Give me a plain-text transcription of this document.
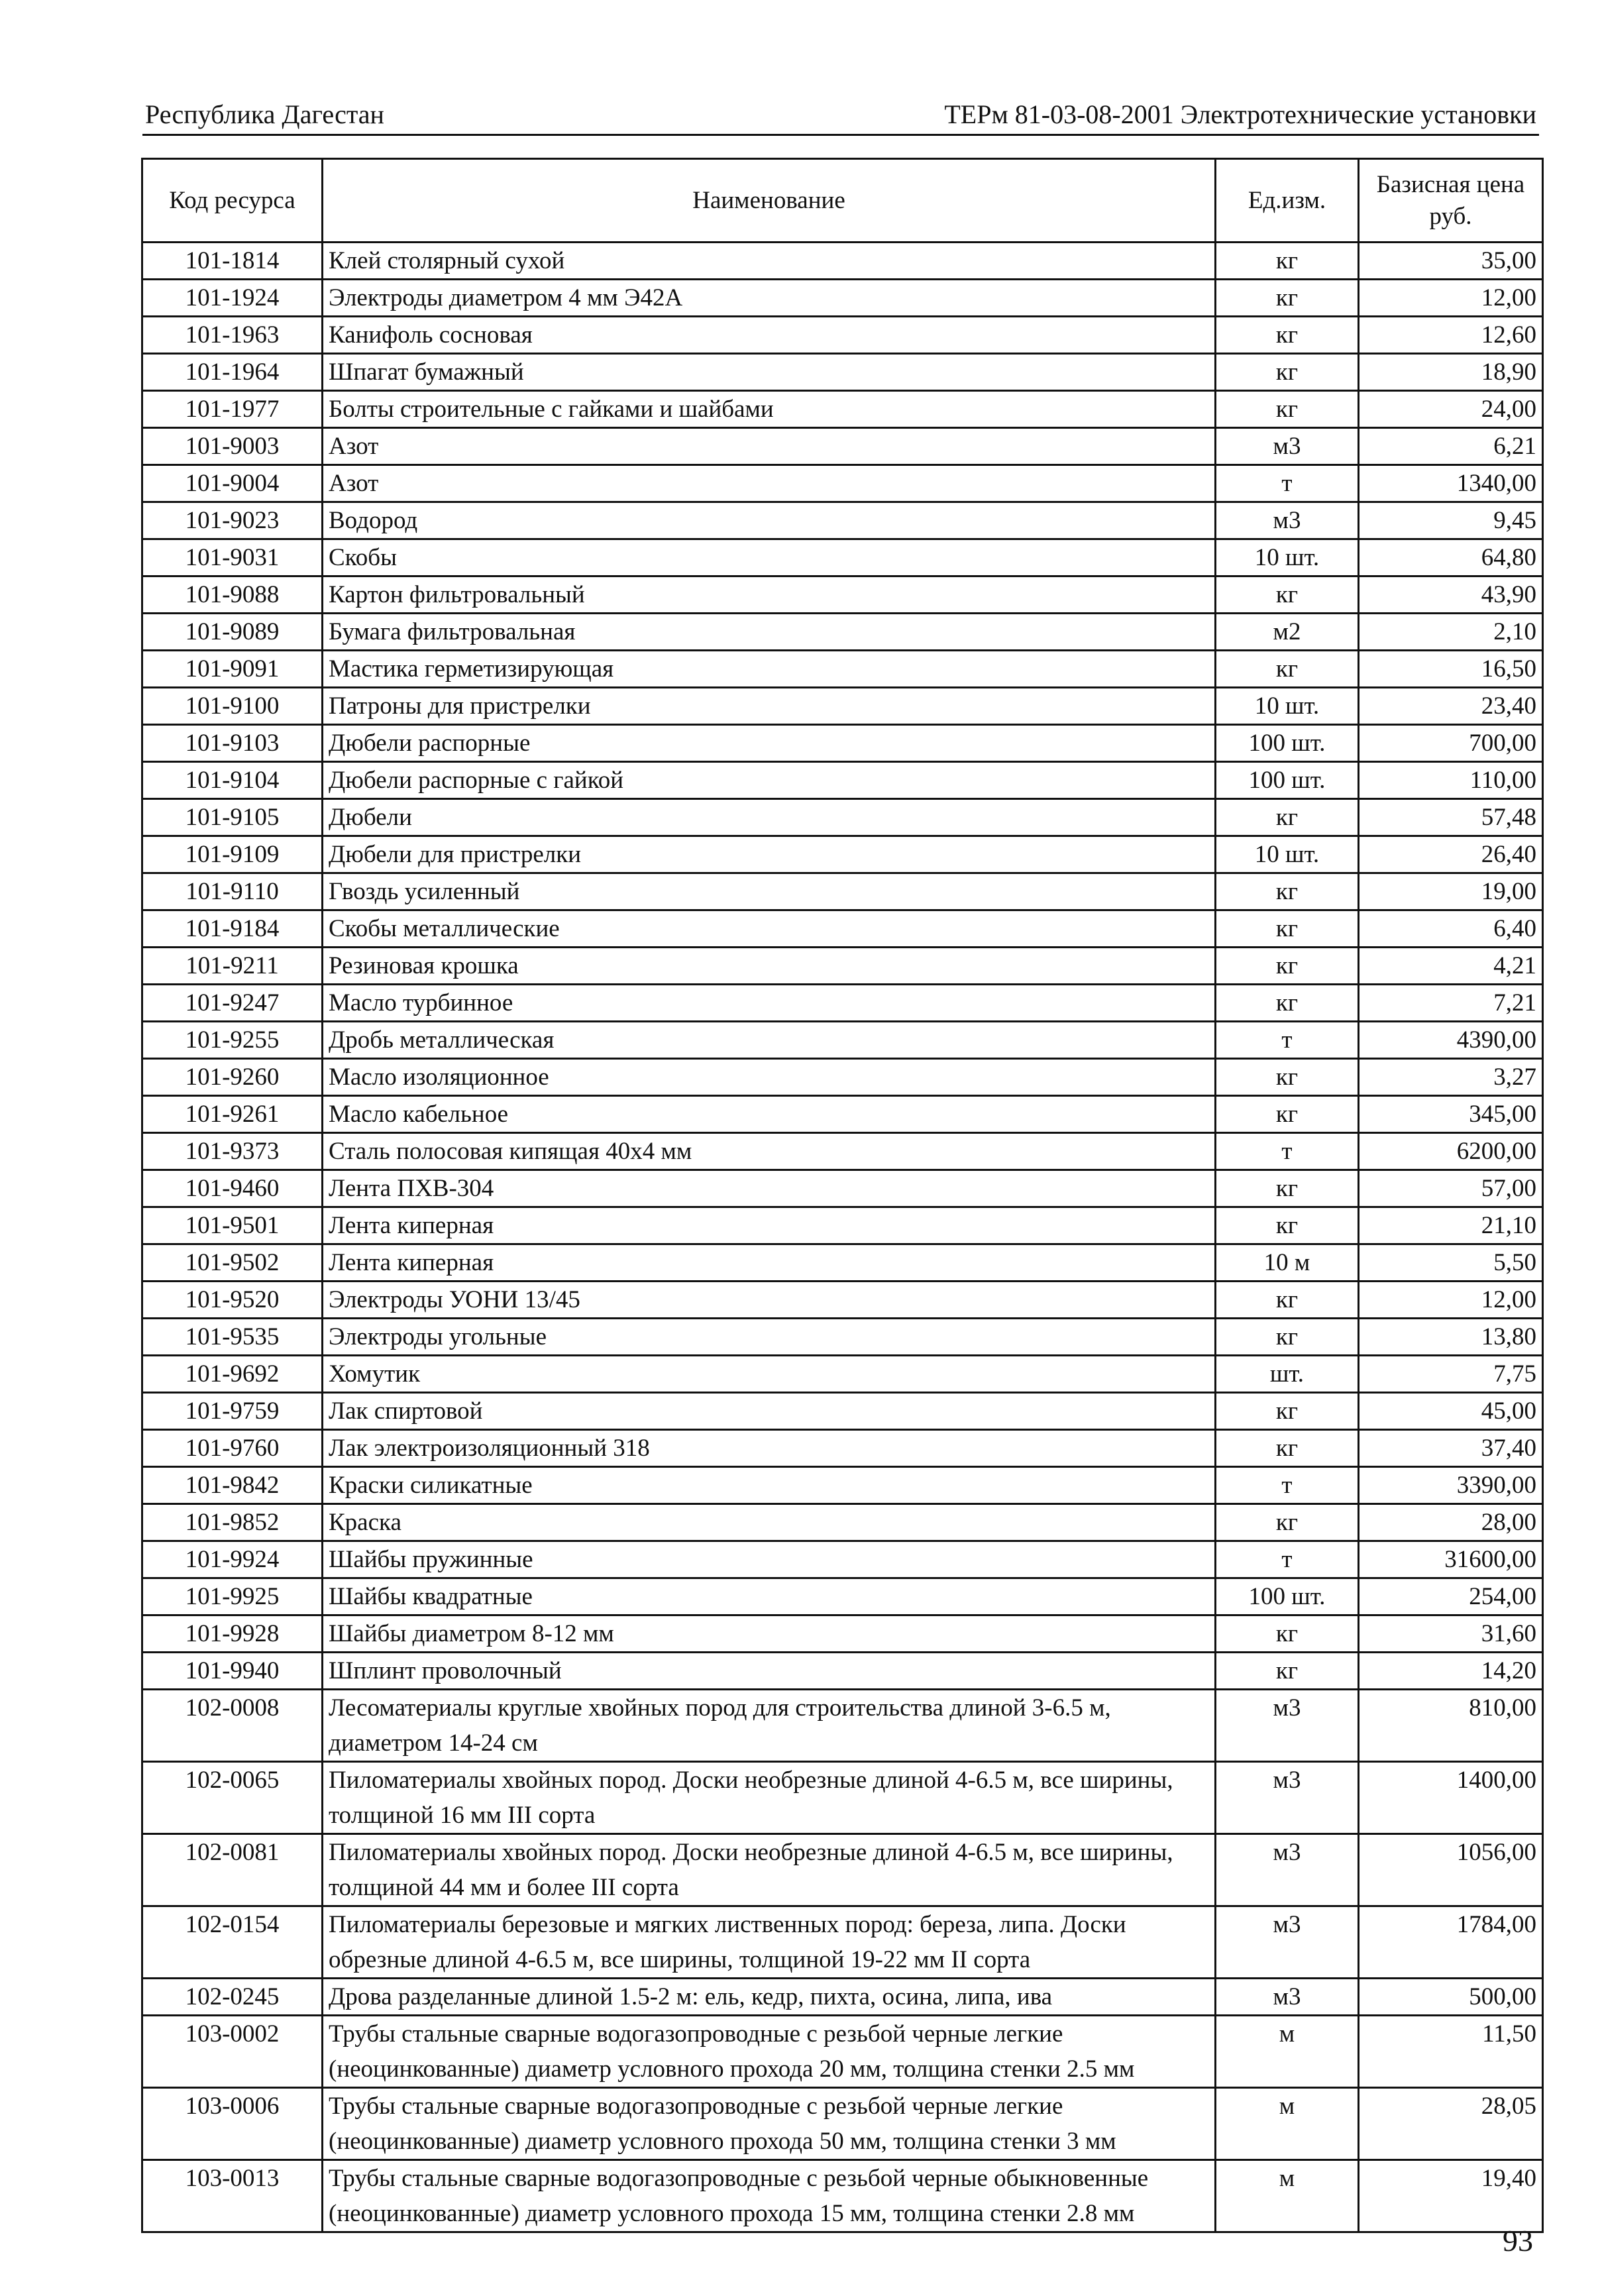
Республика Дагестан	ТЕРм 81-03-08-2001 Электротехнические установки
Код ресурса	Наименование	Ед.изм.	Базисная цена
руб.

101-1814	Клей столярный сухой	кг	35,00
101-1924	Электроды диаметром 4 мм Э42А	кг	12,00
101-1963	Канифоль сосновая	кг	12,60
101-1964	Шпагат бумажный	кг	18,90
101-1977	Болты строительные с гайками и шайбами	кг	24,00
101-9003	Азот	м3	6,21
101-9004	Азот	т	1340,00
101-9023	Водород	м3	9,45
101-9031	Скобы	10 шт.	64,80
101-9088	Картон фильтровальный	кг	43,90
101-9089	Бумага фильтровальная	м2	2,10
101-9091	Мастика герметизирующая	кг	16,50
101-9100	Патроны для пристрелки	10 шт.	23,40
101-9103	Дюбели распорные	100 шт.	700,00
101-9104	Дюбели распорные с гайкой	100 шт.	110,00
101-9105	Дюбели	кг	57,48
101-9109	Дюбели для пристрелки	10 шт.	26,40
101-9110	Гвоздь усиленный	кг	19,00
101-9184	Скобы металлические	кг	6,40
101-9211	Резиновая крошка	кг	4,21
101-9247	Масло турбинное	кг	7,21
101-9255	Дробь металлическая	т	4390,00
101-9260	Масло изоляционное	кг	3,27
101-9261	Масло кабельное	кг	345,00
101-9373	Сталь полосовая кипящая 40х4 мм	т	6200,00
101-9460	Лента ПХВ-304	кг	57,00
101-9501	Лента киперная	кг	21,10
101-9502	Лента киперная	10 м	5,50
101-9520	Электроды УОНИ 13/45	кг	12,00
101-9535	Электроды угольные	кг	13,80
101-9692	Хомутик	шт.	7,75
101-9759	Лак спиртовой	кг	45,00
101-9760	Лак электроизоляционный 318	кг	37,40
101-9842	Краски силикатные	т	3390,00
101-9852	Краска	кг	28,00
101-9924	Шайбы пружинные	т	31600,00
101-9925	Шайбы квадратные	100 шт.	254,00
101-9928	Шайбы диаметром 8-12 мм	кг	31,60
101-9940	Шплинт проволочный	кг	14,20
102-0008	Лесоматериалы круглые хвойных пород для строительства длиной 3-6.5 м, диаметром 14-24 см	м3	810,00
102-0065	Пиломатериалы хвойных пород. Доски необрезные длиной 4-6.5 м, все ширины, толщиной 16 мм III сорта	м3	1400,00
102-0081	Пиломатериалы хвойных пород. Доски необрезные длиной 4-6.5 м, все ширины, толщиной 44 мм и более III сорта	м3	1056,00
102-0154	Пиломатериалы березовые и мягких лиственных пород: береза, липа. Доски обрезные длиной 4-6.5 м, все ширины, толщиной 19-22 мм II сорта	м3	1784,00
102-0245	Дрова разделанные длиной 1.5-2 м: ель, кедр, пихта, осина, липа, ива	м3	500,00
103-0002	Трубы стальные сварные водогазопроводные с резьбой черные легкие (неоцинкованные) диаметр условного прохода 20 мм, толщина стенки 2.5 мм	м	11,50
103-0006	Трубы стальные сварные водогазопроводные с резьбой черные легкие (неоцинкованные) диаметр условного прохода 50 мм, толщина стенки 3 мм	м	28,05
103-0013	Трубы стальные сварные водогазопроводные с резьбой черные обыкновенные (неоцинкованные) диаметр условного прохода 15 мм, толщина стенки 2.8 мм	м	19,40
93
